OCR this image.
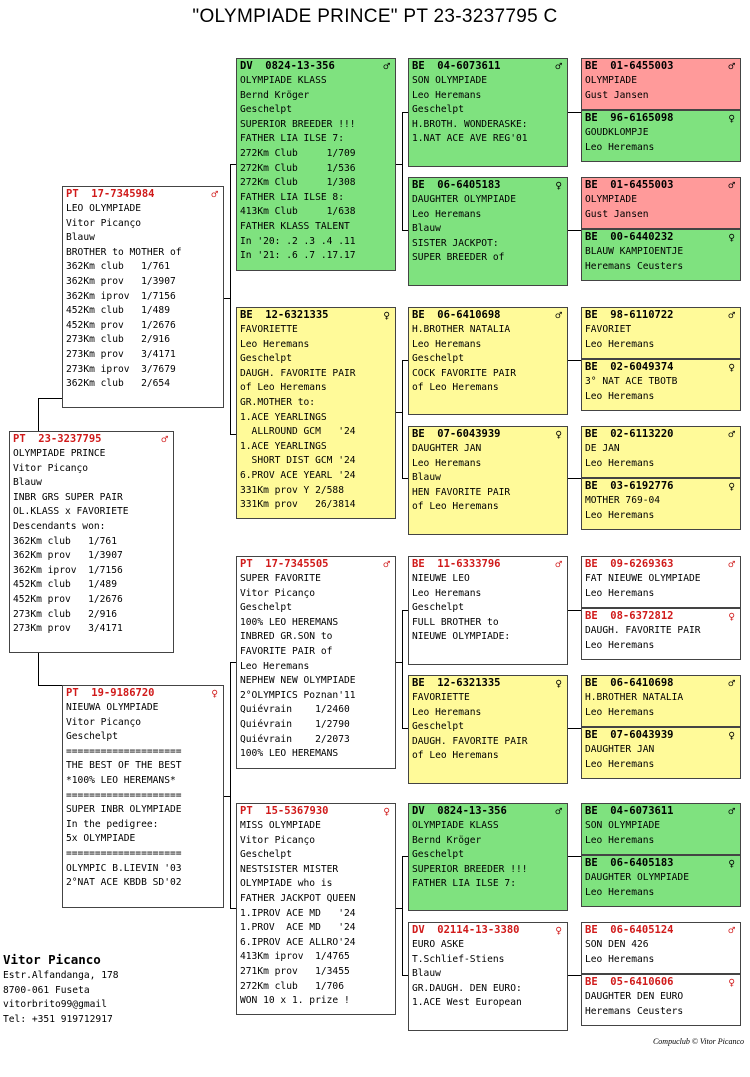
"OLYMPIADE PRINCE" PT 23-3237795 C
PT  23-3237795	♂
OLYMPIADE PRINCE
Vitor Picanço
Blauw
INBR GRS SUPER PAIR
OL.KLASS x FAVORIETE
Descendants won:
362Km club   1/761
362Km prov   1/3907
362Km iprov  1/7156
452Km club   1/489
452Km prov   1/2676
273Km club   2/916
273Km prov   3/4171
PT  17-7345984	♂
LEO OLYMPIADE
Vitor Picanço
Blauw
BROTHER to MOTHER of
362Km club   1/761
362Km prov   1/3907
362Km iprov  1/7156
452Km club   1/489
452Km prov   1/2676
273Km club   2/916
273Km prov   3/4171
273Km iprov  3/7679
362Km club   2/654
PT  19-9186720	♀
NIEUWA OLYMPIADE
Vitor Picanço
Geschelpt
====================
THE BEST OF THE BEST
*100% LEO HEREMANS*
====================
SUPER INBR OLYMPIADE
In the pedigree:
5x OLYMPIADE
====================
OLYMPIC B.LIEVIN '03
2°NAT ACE KBDB SD'02
DV  0824-13-356	♂
OLYMPIADE KLASS
Bernd Kröger
Geschelpt
SUPERIOR BREEDER !!!
FATHER LIA ILSE 7:
272Km Club     1/709
272Km Club     1/536
272Km Club     1/308
FATHER LIA ILSE 8:
413Km Club     1/638
FATHER KLASS TALENT
In '20: .2 .3 .4 .11
In '21: .6 .7 .17.17
BE  12-6321335	♀
FAVORIETTE
Leo Heremans
Geschelpt
DAUGH. FAVORITE PAIR
of Leo Heremans
GR.MOTHER to:
1.ACE YEARLINGS
ALLROUND GCM   '24
1.ACE YEARLINGS
SHORT DIST GCM '24
6.PROV ACE YEARL '24
331Km prov Y 2/588
331Km prov   26/3814
PT  17-7345505	♂
SUPER FAVORITE
Vitor Picanço
Geschelpt
100% LEO HEREMANS
INBRED GR.SON to
FAVORITE PAIR of
Leo Heremans
NEPHEW NEW OLYMPIADE
2°OLYMPICS Poznan'11
Quiévrain    1/2460
Quiévrain    1/2790
Quiévrain    2/2073
100% LEO HEREMANS
PT  15-5367930	♀
MISS OLYMPIADE
Vitor Picanço
Geschelpt
NESTSISTER MISTER
OLYMPIADE who is
FATHER JACKPOT QUEEN
1.IPROV ACE MD   '24
1.PROV  ACE MD   '24
6.IPROV ACE ALLRO'24
413Km iprov  1/4765
271Km prov   1/3455
272Km club   1/706
WON 10 x 1. prize !
BE  04-6073611	♂
SON OLYMPIADE
Leo Heremans
Geschelpt
H.BROTH. WONDERASKE:
1.NAT ACE AVE REG'01
BE  06-6405183	♀
DAUGHTER OLYMPIADE
Leo Heremans
Blauw
SISTER JACKPOT:
SUPER BREEDER of
BE  06-6410698	♂
H.BROTHER NATALIA
Leo Heremans
Geschelpt
COCK FAVORITE PAIR
of Leo Heremans
BE  07-6043939	♀
DAUGHTER JAN
Leo Heremans
Blauw
HEN FAVORITE PAIR
of Leo Heremans
BE  11-6333796	♂
NIEUWE LEO
Leo Heremans
Geschelpt
FULL BROTHER to
NIEUWE OLYMPIADE:
BE  12-6321335	♀
FAVORIETTE
Leo Heremans
Geschelpt
DAUGH. FAVORITE PAIR
of Leo Heremans
DV  0824-13-356	♂
OLYMPIADE KLASS
Bernd Kröger
Geschelpt
SUPERIOR BREEDER !!!
FATHER LIA ILSE 7:
DV  02114-13-3380	♀
EURO ASKE
T.Schlief-Stiens
Blauw
GR.DAUGH. DEN EURO:
1.ACE West European
BE  01-6455003	♂
OLYMPIADE
Gust Jansen
BE  96-6165098	♀
GOUDKLOMPJE
Leo Heremans
BE  01-6455003	♂
OLYMPIADE
Gust Jansen
BE  00-6440232	♀
BLAUW KAMPIOENTJE
Heremans Ceusters
BE  98-6110722	♂
FAVORIET
Leo Heremans
BE  02-6049374	♀
3° NAT ACE TBOTB
Leo Heremans
BE  02-6113220	♂
DE JAN
Leo Heremans
BE  03-6192776	♀
MOTHER 769-04
Leo Heremans
BE  09-6269363	♂
FAT NIEUWE OLYMPIADE
Leo Heremans
BE  08-6372812	♀
DAUGH. FAVORITE PAIR
Leo Heremans
BE  06-6410698	♂
H.BROTHER NATALIA
Leo Heremans
BE  07-6043939	♀
DAUGHTER JAN
Leo Heremans
BE  04-6073611	♂
SON OLYMPIADE
Leo Heremans
BE  06-6405183	♀
DAUGHTER OLYMPIADE
Leo Heremans
BE  06-6405124	♂
SON DEN 426
Leo Heremans
BE  05-6410606	♀
DAUGHTER DEN EURO
Heremans Ceusters
Vitor Picanco
Estr.Alfandanga, 178
8700-061 Fuseta
vitorbrito99@gmail
Tel: +351 919712917
Compuclub © Vitor Picanco
